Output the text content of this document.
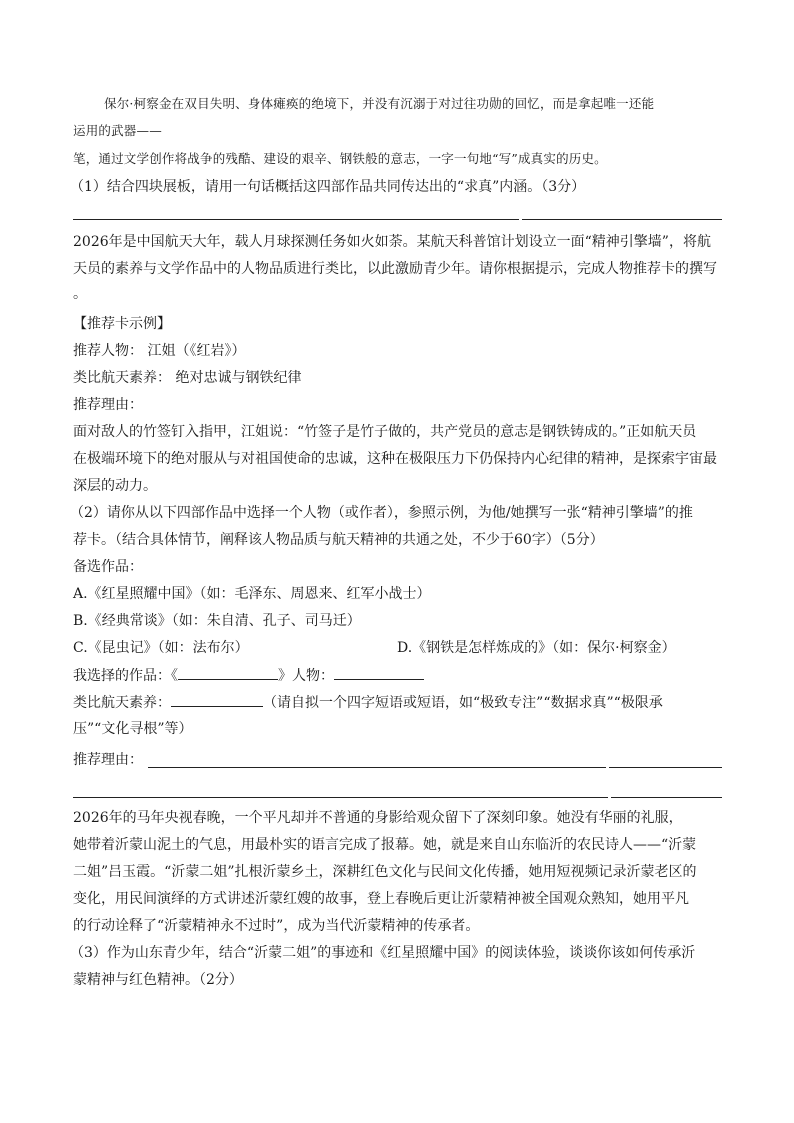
保尔·柯察金在双目失明、身体瘫痪的绝境下，并没有沉溺于对过往功勋的回忆，而是拿起唯一还能
运用的武器——
笔，通过文学创作将战争的残酷、建设的艰辛、钢铁般的意志，一字一句地“写”成真实的历史。
（1）结合四块展板，请用一句话概括这四部作品共同传达出的“求真”内涵。（3分）
2026年是中国航天大年，载人月球探测任务如火如荼。某航天科普馆计划设立一面“精神引擎墙”，将航
天员的素养与文学作品中的人物品质进行类比，以此激励青少年。请你根据提示，完成人物推荐卡的撰写
。
【推荐卡示例】
推荐人物： 江姐（《红岩》）
类比航天素养： 绝对忠诚与钢铁纪律
推荐理由：
面对敌人的竹签钉入指甲，江姐说：“竹签子是竹子做的，共产党员的意志是钢铁铸成的。”正如航天员
在极端环境下的绝对服从与对祖国使命的忠诚，这种在极限压力下仍保持内心纪律的精神，是探索宇宙最
深层的动力。
（2）请你从以下四部作品中选择一个人物（或作者），参照示例，为他/她撰写一张“精神引擎墙”的推
荐卡。（结合具体情节，阐释该人物品质与航天精神的共通之处，不少于60字）（5分）
备选作品：
A.《红星照耀中国》（如：毛泽东、周恩来、红军小战士）
B.《经典常谈》（如：朱自清、孔子、司马迁）
C.《昆虫记》（如：法布尔）	D.《钢铁是怎样炼成的》（如：保尔·柯察金）
我选择的作品：《	》人物：
类比航天素养：	（请自拟一个四字短语或短语，如“极致专注”“数据求真”“极限承
压”“文化寻根”等）
推荐理由：
2026年的马年央视春晚，一个平凡却并不普通的身影给观众留下了深刻印象。她没有华丽的礼服，
她带着沂蒙山泥土的气息，用最朴实的语言完成了报幕。她，就是来自山东临沂的农民诗人——“沂蒙
二姐”吕玉霞。“沂蒙二姐”扎根沂蒙乡土，深耕红色文化与民间文化传播，她用短视频记录沂蒙老区的
变化，用民间演绎的方式讲述沂蒙红嫂的故事，登上春晚后更让沂蒙精神被全国观众熟知，她用平凡
的行动诠释了“沂蒙精神永不过时”，成为当代沂蒙精神的传承者。
（3）作为山东青少年，结合“沂蒙二姐”的事迹和《红星照耀中国》的阅读体验，谈谈你该如何传承沂
蒙精神与红色精神。（2分）
